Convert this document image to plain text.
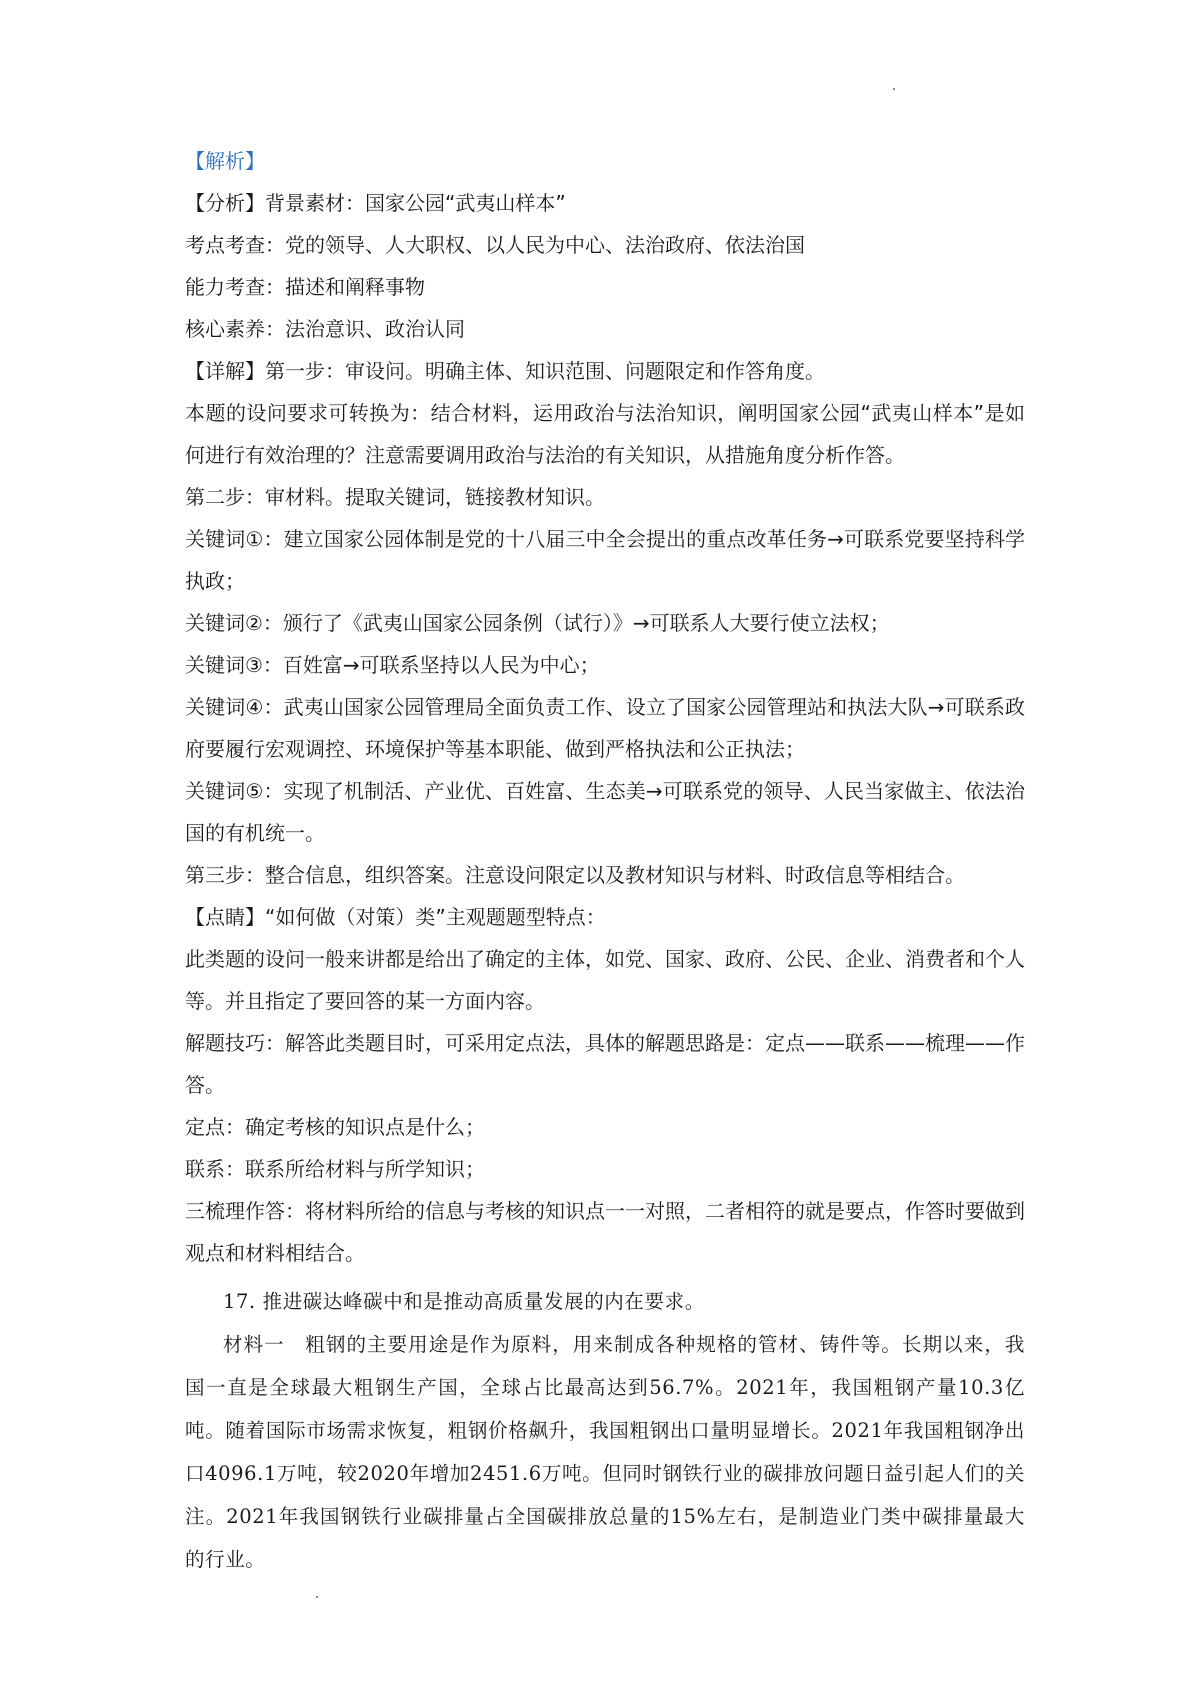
【解析】

【分析】背景素材：国家公园“武夷山样本”

考点考查：党的领导、人大职权、以人民为中心、法治政府、依法治国

能力考查：描述和阐释事物

核心素养：法治意识、政治认同

【详解】第一步：审设问。明确主体、知识范围、问题限定和作答角度。

本题的设问要求可转换为：结合材料，运用政治与法治知识，阐明国家公园“武夷山样本”是如何进行有效治理的？注意需要调用政治与法治的有关知识，从措施角度分析作答。

第二步：审材料。提取关键词，链接教材知识。

关键词①：建立国家公园体制是党的十八届三中全会提出的重点改革任务→可联系党要坚持科学执政；

关键词②：颁行了《武夷山国家公园条例（试行）》→可联系人大要行使立法权；

关键词③：百姓富→可联系坚持以人民为中心；

关键词④：武夷山国家公园管理局全面负责工作、设立了国家公园管理站和执法大队→可联系政府要履行宏观调控、环境保护等基本职能、做到严格执法和公正执法；

关键词⑤：实现了机制活、产业优、百姓富、生态美→可联系党的领导、人民当家做主、依法治国的有机统一。

第三步：整合信息，组织答案。注意设问限定以及教材知识与材料、时政信息等相结合。

【点睛】“如何做（对策）类”主观题题型特点：

此类题的设问一般来讲都是给出了确定的主体，如党、国家、政府、公民、企业、消费者和个人等。并且指定了要回答的某一方面内容。

解题技巧：解答此类题目时，可采用定点法，具体的解题思路是：定点——联系——梳理——作答。

定点：确定考核的知识点是什么；

联系：联系所给材料与所学知识；

三梳理作答：将材料所给的信息与考核的知识点一一对照，二者相符的就是要点，作答时要做到观点和材料相结合。

17. 推进碳达峰碳中和是推动高质量发展的内在要求。

材料一　粗钢的主要用途是作为原料，用来制成各种规格的管材、铸件等。长期以来，我国一直是全球最大粗钢生产国，全球占比最高达到56.7%。2021年，我国粗钢产量10.3亿吨。随着国际市场需求恢复，粗钢价格飙升，我国粗钢出口量明显增长。2021年我国粗钢净出口4096.1万吨，较2020年增加2451.6万吨。但同时钢铁行业的碳排放问题日益引起人们的关注。2021年我国钢铁行业碳排量占全国碳排放总量的15%左右，是制造业门类中碳排量最大的行业。
